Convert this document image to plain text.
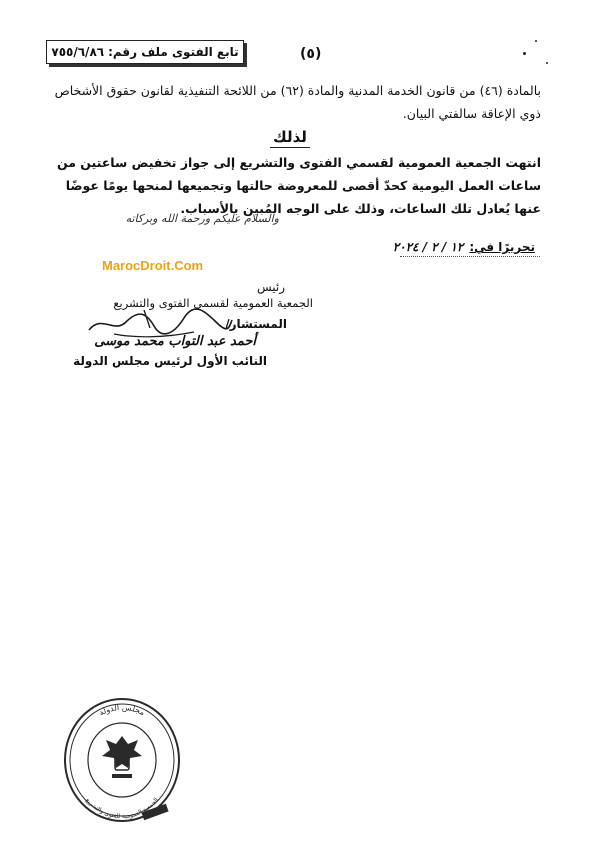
تابع الفتوى ملف رقم:
٧٥٥/٦/٨٦	(٥)
بالمادة (٤٦) من قانون الخدمة المدنية والمادة (٦٢) من اللائحة التنفيذية لقانون حقوق الأشخاص ذوي الإعاقة سالفتي البيان.
لذلك
انتهت الجمعية العمومية لقسمي الفتوى والتشريع إلى جواز تخفيض ساعتين من ساعات العمل اليومية كحدّ أقصى للمعروضة حالتها وتجميعها لمنحها يومًا عوضًا عنها يُعادل تلك الساعات، وذلك على الوجه المُبين بالأسباب.
والسلام عليكم ورحمة الله وبركاته
تحريرًا في:
١٢ / ٢ / ٢٠٢٤
MarocDroit.Com
رئيس
الجمعية العمومية لقسمي الفتوى والتشريع
المستشار/
أحمد عبد التواب محمد موسى
النائب الأول لرئيس مجلس الدولة
مجلس الدولة
الجمعية العمومية للفتوى والتشريع
